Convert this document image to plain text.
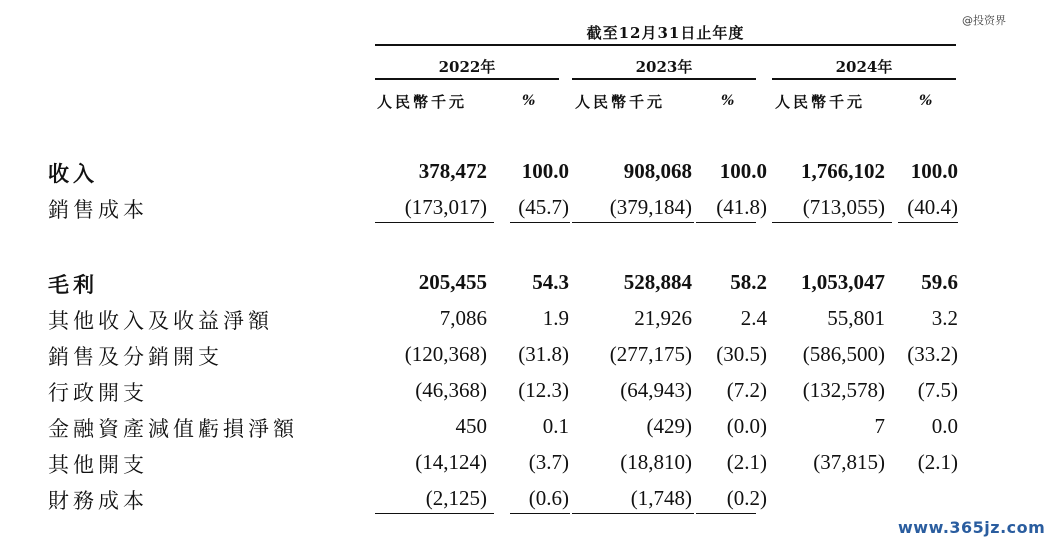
@投资界
截至12月31日止年度
2022年	2023年	2024年
人民幣千元	%	人民幣千元	%	人民幣千元	%
收入	378,472	100.0	908,068	100.0	1,766,102	100.0
銷售成本	(173,017)	(45.7)	(379,184)	(41.8)	(713,055)	(40.4)
毛利	205,455	54.3	528,884	58.2	1,053,047	59.6
其他收入及收益淨額	7,086	1.9	21,926	2.4	55,801	3.2
銷售及分銷開支	(120,368)	(31.8)	(277,175)	(30.5)	(586,500)	(33.2)
行政開支	(46,368)	(12.3)	(64,943)	(7.2)	(132,578)	(7.5)
金融資產減值虧損淨額	450	0.1	(429)	(0.0)	7	0.0
其他開支	(14,124)	(3.7)	(18,810)	(2.1)	(37,815)	(2.1)
財務成本	(2,125)	(0.6)	(1,748)	(0.2)
www.365jz.com
